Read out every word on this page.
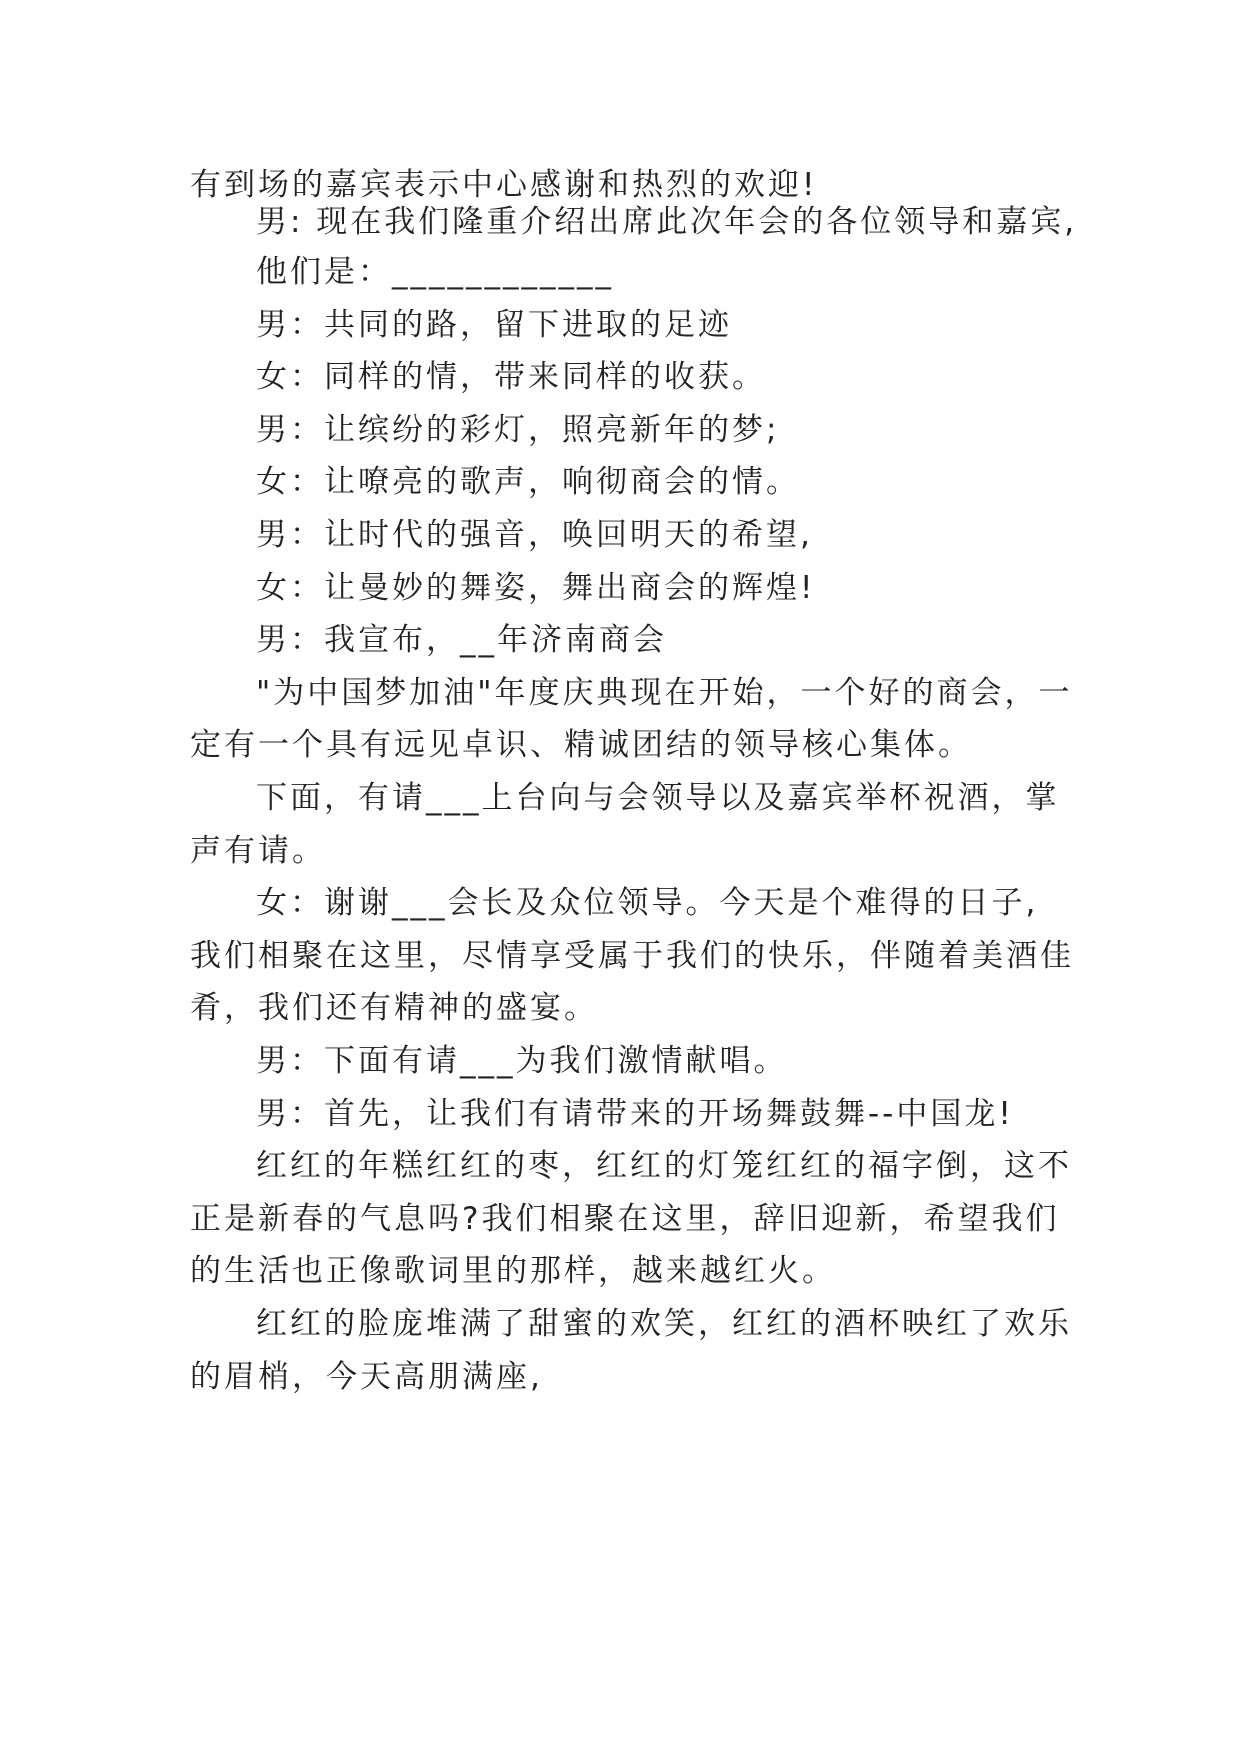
有到场的嘉宾表示中心感谢和热烈的欢迎!
男: 现在我们隆重介绍出席此次年会的各位领导和嘉宾,
他们是：____________
男：共同的路，留下进取的足迹
女：同样的情，带来同样的收获。
男：让缤纷的彩灯，照亮新年的梦;
女：让嘹亮的歌声，响彻商会的情。
男：让时代的强音，唤回明天的希望,
女：让曼妙的舞姿，舞出商会的辉煌!
男：我宣布，__年济南商会
"为中国梦加油"年度庆典现在开始，一个好的商会，一
定有一个具有远见卓识、精诚团结的领导核心集体。
下面，有请___上台向与会领导以及嘉宾举杯祝酒，掌
声有请。
女：谢谢___会长及众位领导。今天是个难得的日子,
我们相聚在这里，尽情享受属于我们的快乐，伴随着美酒佳
肴，我们还有精神的盛宴。
男：下面有请___为我们激情献唱。
男：首先，让我们有请带来的开场舞鼓舞--中国龙!
红红的年糕红红的枣，红红的灯笼红红的福字倒，这不
正是新春的气息吗?我们相聚在这里，辞旧迎新，希望我们
的生活也正像歌词里的那样，越来越红火。
红红的脸庞堆满了甜蜜的欢笑，红红的酒杯映红了欢乐
的眉梢，今天高朋满座,
